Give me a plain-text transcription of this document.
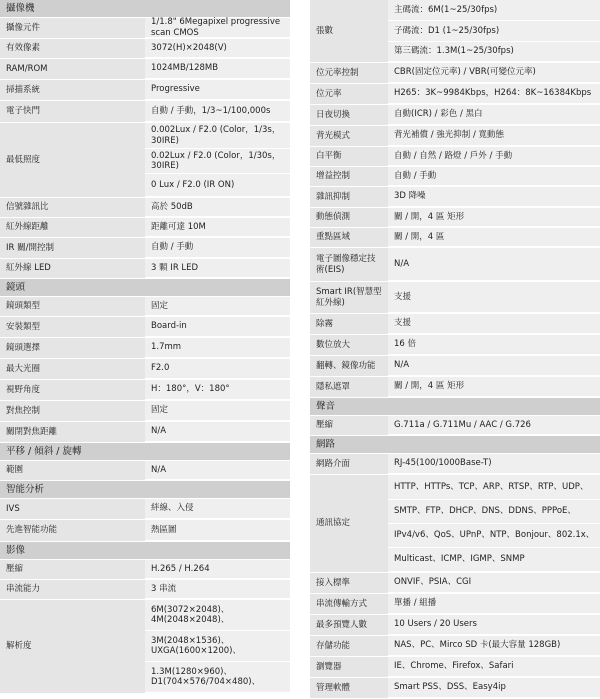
攝像機	
攝像元件	1/1.8" 6Megapixel progressive scan CMOS

有效像素	3072(H)×2048(V)

RAM/ROM	1024MB/128MB

掃描系統	Progressive

電子快門	自動 / 手動，1/3~1/100,000s

最低照度	0.002Lux / F2.0 (Color，1/3s，30IRE)
0.02Lux / F2.0 (Color，1/30s，30IRE)
0 Lux / F2.0 (IR ON)

信號雜訊比	高於 50dB

紅外線距離	距離可達 10M

IR 關/開控制	自動 / 手動

紅外線 LED	3 顆 IR LED

鏡頭	
鏡頭類型	固定

安裝類型	Board-in

鏡頭選擇	1.7mm

最大光圈	F2.0

視野角度	H：180°，V：180°

對焦控制	固定

關閉對焦距離	N/A

平移 / 傾斜 / 旋轉	
範圍	N/A

智能分析	
IVS	絆線、入侵

先進智能功能	熱區圖

影像	
壓縮	H.265 / H.264

串流能力	3 串流

解析度	6M(3072×2048)、4M(2048×2048)、
3M(2048×1536)、UXGA(1600×1200)、
1.3M(1280×960)、D1(704×576/704×480)、
張數	主碼流：6M(1~25/30fps)
子碼流：D1 (1~25/30fps)
第三碼流：1.3M(1~25/30fps)

位元率控制	CBR(固定位元率) / VBR(可變位元率)

位元率	H265：3K~9984Kbps，H264：8K~16384Kbps

日夜切換	自動(ICR) / 彩色 / 黑白

背光模式	背光補償 / 強光抑制 / 寬動態

白平衡	自動 / 自然 / 路燈 / 戶外 / 手動

增益控制	自動 / 手動

雜訊抑制	3D 降噪

動態偵測	關 / 開，4 區 矩形

重點區域	關 / 開，4 區

電子圖像穩定技術(EIS)	N/A

Smart IR(智慧型紅外線)	支援

除霧	支援

數位放大	16 倍

翻轉、鏡像功能	N/A

隱私遮罩	關 / 開，4 區 矩形

聲音	
壓縮	G.711a / G.711Mu / AAC / G.726

網路	
網路介面	RJ-45(100/1000Base-T)

通訊協定	HTTP、HTTPs、TCP、ARP、RTSP、RTP、UDP、
SMTP、FTP、DHCP、DNS、DDNS、PPPoE、
IPv4/v6、QoS、UPnP、NTP、Bonjour、802.1x、
Multicast、ICMP、IGMP、SNMP

接入標準	ONVIF、PSIA、CGI

串流傳輸方式	單播 / 組播

最多預覽人數	10 Users / 20 Users

存儲功能	NAS、PC、Mirco SD 卡(最大容量 128GB)

瀏覽器	IE、Chrome、Firefox、Safari

管理軟體	Smart PSS、DSS、Easy4ip
